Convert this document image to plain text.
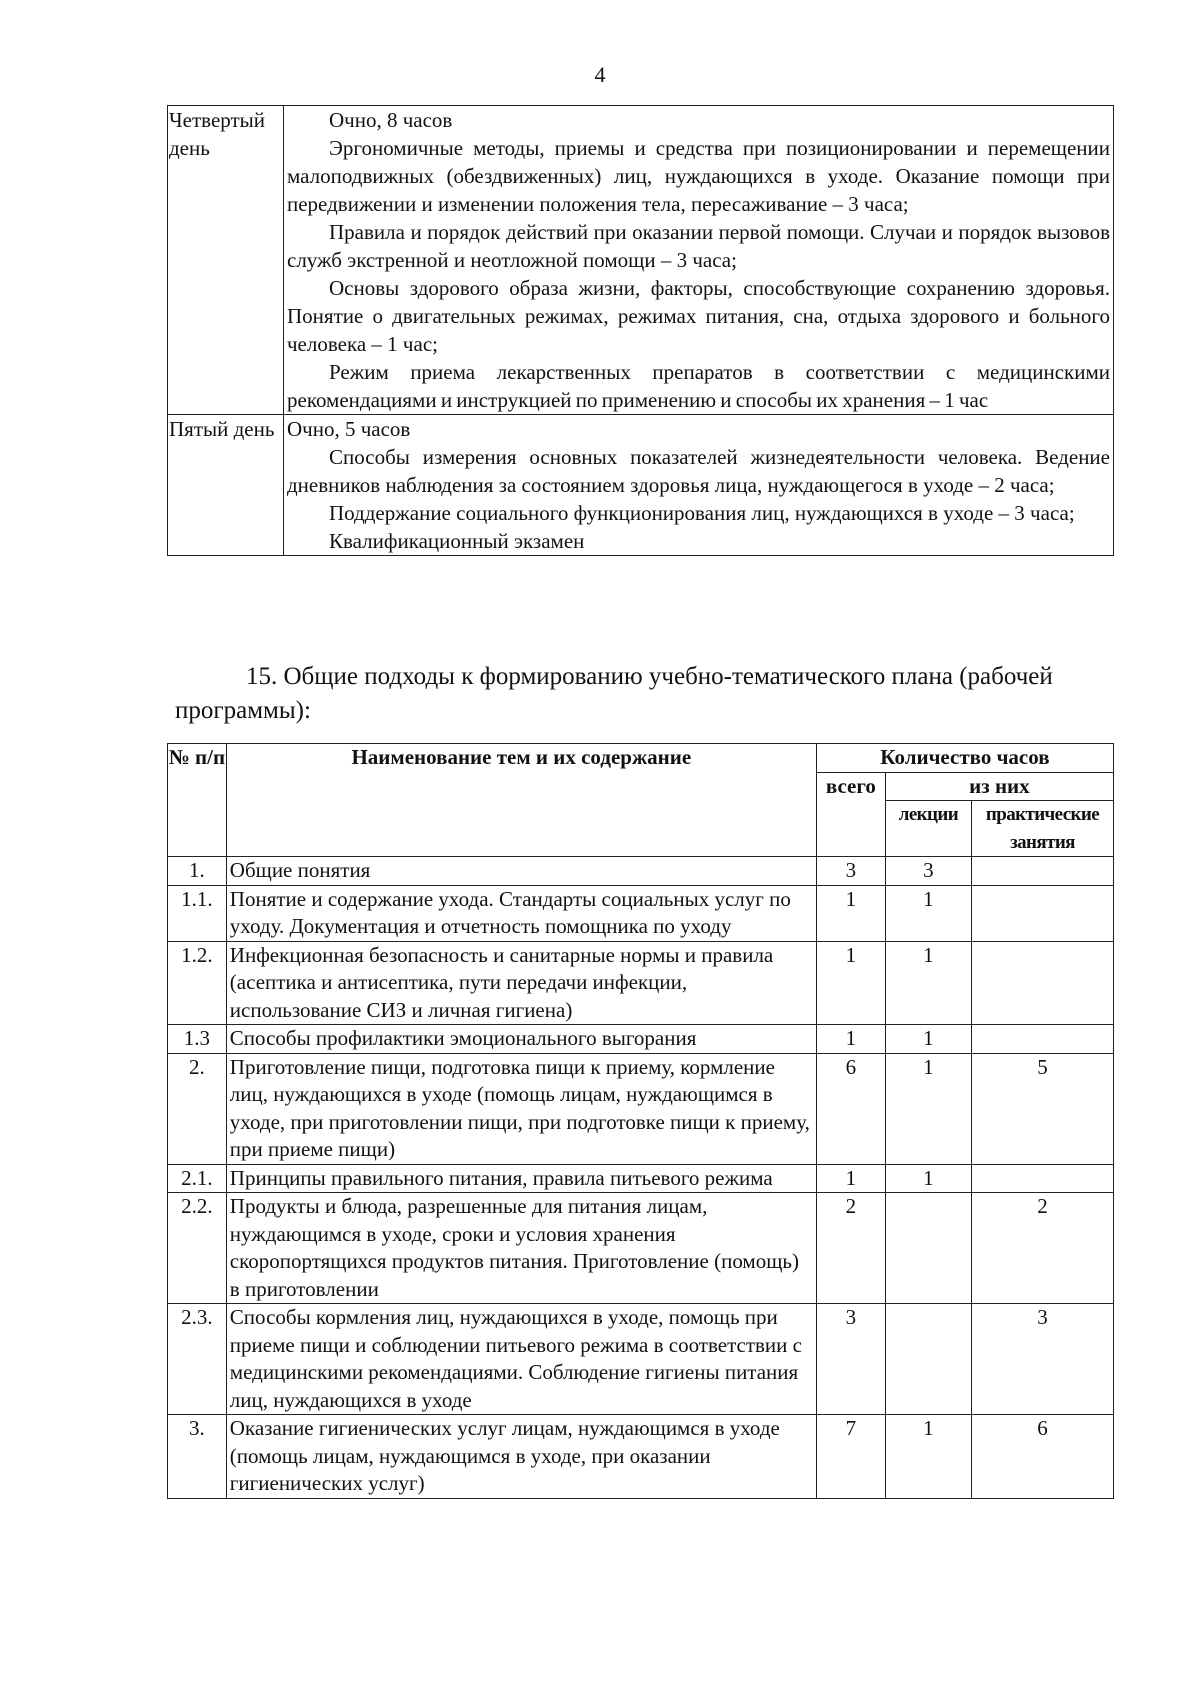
4
Четвертый день	Очно, 8 часов
Эргономичные методы, приемы и средства при позиционировании и перемещении малоподвижных (обездвиженных) лиц, нуждающихся в уходе. Оказание помощи при передвижении и изменении положения тела, пересаживание – 3 часа;
Правила и порядок действий при оказании первой помощи. Случаи и порядок вызовов служб экстренной и неотложной помощи – 3 часа;
Основы здорового образа жизни, факторы, способствующие сохранению здоровья. Понятие о двигательных режимах, режимах питания, сна, отдыха здорового и больного человека – 1 час;
Режим приема лекарственных препаратов в соответствии с медицинскими рекомендациями и инструкцией по применению и способы их хранения – 1 час

Пятый день	Очно, 5 часов
Способы измерения основных показателей жизнедеятельности человека. Ведение дневников наблюдения за состоянием здоровья лица, нуждающегося в уходе – 2 часа;
Поддержание социального функционирования лиц, нуждающихся в уходе – 3 часа;
Квалификационный экзамен
15. Общие подходы к формированию учебно-тематического плана (рабочей программы):
№ п/п	Наименование тем и их содержание	Количество часов		
		всего	из них	
			лекции	практические занятия
1.	Общие понятия	3	3	
1.1.	Понятие и содержание ухода. Стандарты социальных услуг по уходу. Документация и отчетность помощника по уходу	1	1	
1.2.	Инфекционная безопасность и санитарные нормы и правила (асептика и антисептика, пути передачи инфекции, использование СИЗ и личная гигиена)	1	1	
1.3	Способы профилактики эмоционального выгорания	1	1	
2.	Приготовление пищи, подготовка пищи к приему, кормление лиц, нуждающихся в уходе (помощь лицам, нуждающимся в уходе, при приготовлении пищи, при подготовке пищи к приему, при приеме пищи)	6	1	5
2.1.	Принципы правильного питания, правила питьевого режима	1	1	
2.2.	Продукты и блюда, разрешенные для питания лицам, нуждающимся в уходе, сроки и условия хранения скоропортящихся продуктов питания. Приготовление (помощь) в приготовлении	2		2
2.3.	Способы кормления лиц, нуждающихся в уходе, помощь при приеме пищи и соблюдении питьевого режима в соответствии с медицинскими рекомендациями. Соблюдение гигиены питания лиц, нуждающихся в уходе	3		3
3.	Оказание гигиенических услуг лицам, нуждающимся в уходе (помощь лицам, нуждающимся в уходе, при оказании гигиенических услуг)	7	1	6
